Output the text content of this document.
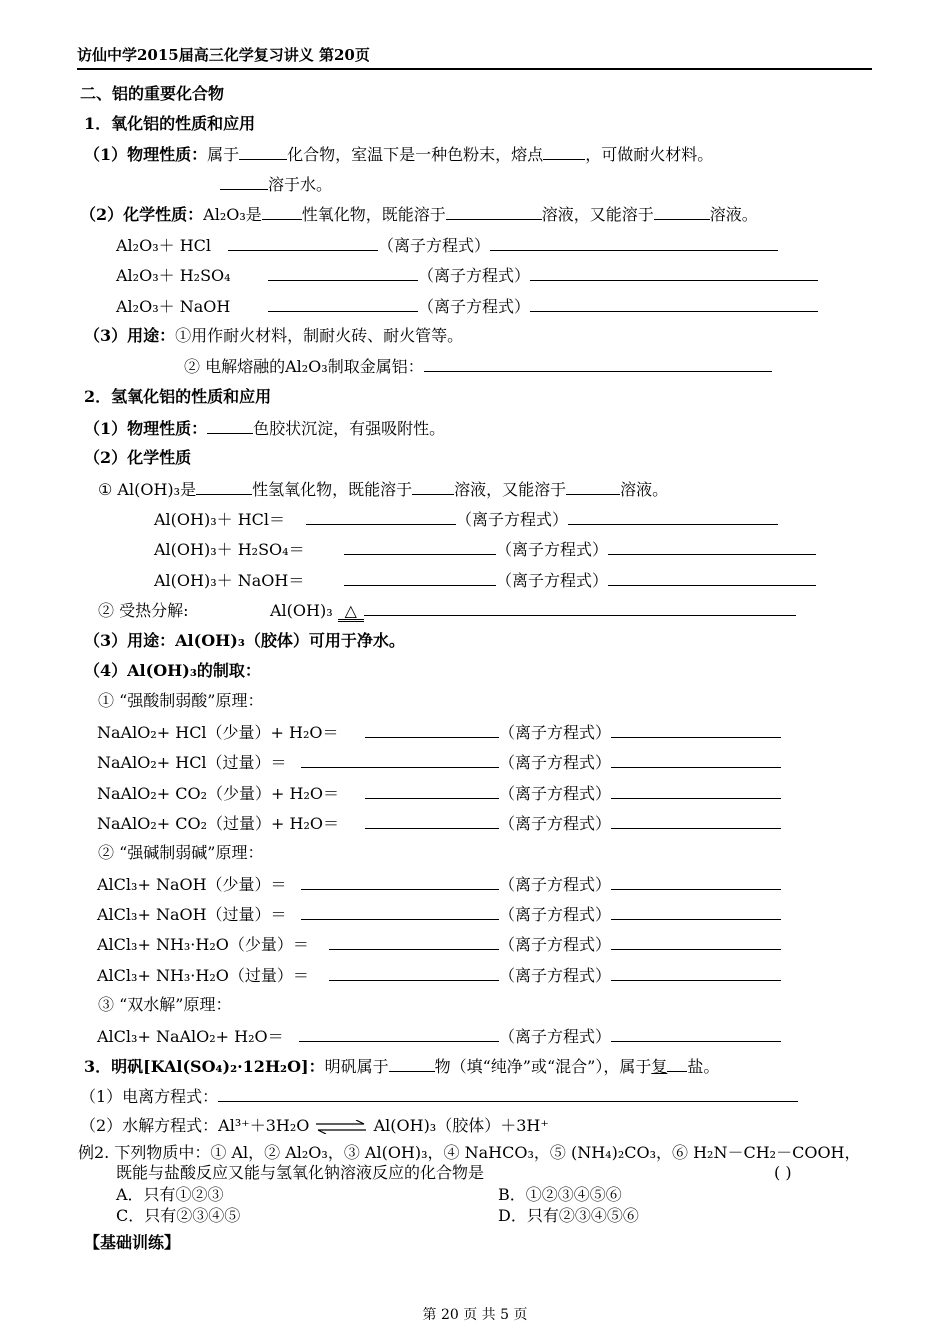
访仙中学2015届高三化学复习讲义 第20页
二、铝的重要化合物
1．氧化铝的性质和应用
（1）物理性质：属于	化合物，室温下是一种色粉末，熔点	，可做耐火材料。
溶于水。
（2）化学性质：Al₂O₃是	性氧化物，既能溶于	溶液，又能溶于	溶液。
Al₂O₃＋ HCl	（离子方程式）
Al₂O₃＋ H₂SO₄	（离子方程式）
Al₂O₃＋ NaOH	（离子方程式）
（3）用途：①用作耐火材料，制耐火砖、耐火管等。
② 电解熔融的Al₂O₃制取金属铝：
2．氢氧化铝的性质和应用
（1）物理性质：	色胶状沉淀，有强吸附性。
（2）化学性质
① Al(OH)₃是	性氢氧化物，既能溶于	溶液，又能溶于	溶液。
Al(OH)₃＋ HCl＝	（离子方程式）
Al(OH)₃＋ H₂SO₄＝	（离子方程式）
Al(OH)₃＋ NaOH＝	（离子方程式）
② 受热分解:	Al(OH)₃ △
（3）用途：Al(OH)₃（胶体）可用于净水。
（4）Al(OH)₃的制取：
① “强酸制弱酸”原理：
NaAlO₂+ HCl（少量）+ H₂O＝	（离子方程式）
NaAlO₂+ HCl（过量）＝	（离子方程式）
NaAlO₂+ CO₂（少量）+ H₂O＝	（离子方程式）
NaAlO₂+ CO₂（过量）+ H₂O＝	（离子方程式）
② “强碱制弱碱”原理：
AlCl₃+ NaOH（少量）＝	（离子方程式）
AlCl₃+ NaOH（过量）＝	（离子方程式）
AlCl₃+ NH₃·H₂O（少量）＝	（离子方程式）
AlCl₃+ NH₃·H₂O（过量）＝	（离子方程式）
③ “双水解”原理：
AlCl₃+ NaAlO₂+ H₂O＝	（离子方程式）
3．明矾[KAl(SO₄)₂·12H₂O]：明矾属于	物（填“纯净”或“混合”），属于复 盐。
（1）电离方程式：
（2）水解方程式：Al³⁺＋3H₂O ⇌ Al(OH)₃（胶体）＋3H⁺
例2. 下列物质中：① Al，② Al₂O₃，③ Al(OH)₃，④ NaHCO₃，⑤ (NH₄)₂CO₃，⑥ H₂N－CH₂－COOH，
既能与盐酸反应又能与氢氧化钠溶液反应的化合物是	( )
A．只有①②③	B．①②③④⑤⑥
C．只有②③④⑤	D．只有②③④⑤⑥
【基础训练】
第 20 页 共 5 页
